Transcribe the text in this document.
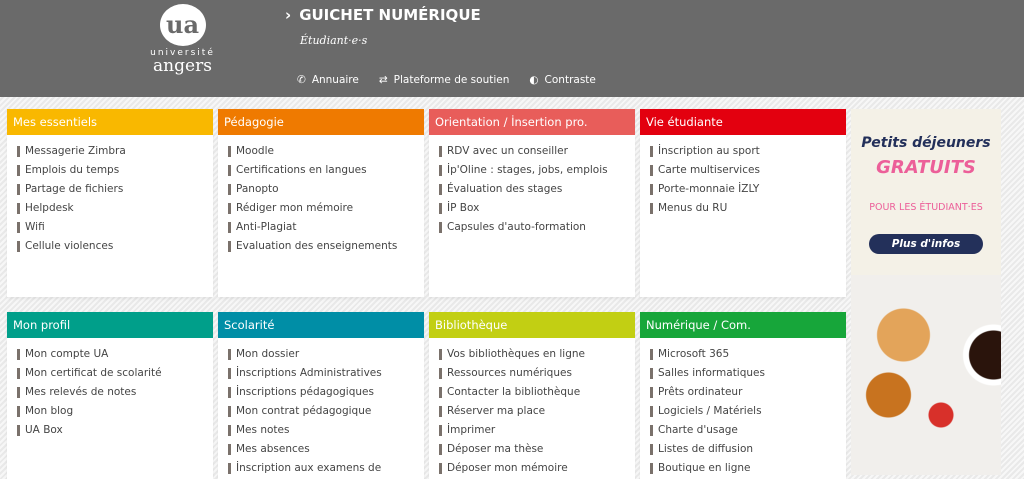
ua
université
angers
› GUICHET NUMÉRIQUE
Étudiant·e·s
✆ Annuaire ⇄ Plateforme de soutien ◐ Contraste
Mes essentiels
Messagerie Zimbra
Emplois du temps
Partage de fichiers
Helpdesk
Wifi
Cellule violences
Pédagogie
Moodle
Certifications en langues
Panopto
Rédiger mon mémoire
Anti-Plagiat
Evaluation des enseignements
Orientation / İnsertion pro.
RDV avec un conseiller
İp'Oline : stages, jobs, emplois
Évaluation des stages
İP Box
Capsules d'auto-formation
Vie étudiante
İnscription au sport
Carte multiservices
Porte-monnaie İZLY
Menus du RU
Mon profil
Mon compte UA
Mon certificat de scolarité
Mes relevés de notes
Mon blog
UA Box
Scolarité
Mon dossier
İnscriptions Administratives
İnscriptions pédagogiques
Mon contrat pédagogique
Mes notes
Mes absences
İnscription aux examens de
Bibliothèque
Vos bibliothèques en ligne
Ressources numériques
Contacter la bibliothèque
Réserver ma place
İmprimer
Déposer ma thèse
Déposer mon mémoire
Numérique / Com.
Microsoft 365
Salles informatiques
Prêts ordinateur
Logiciels / Matériels
Charte d'usage
Listes de diffusion
Boutique en ligne
Petits déjeuners
GRATUITS
POUR LES ÉTUDIANT·ES
Plus d'infos
